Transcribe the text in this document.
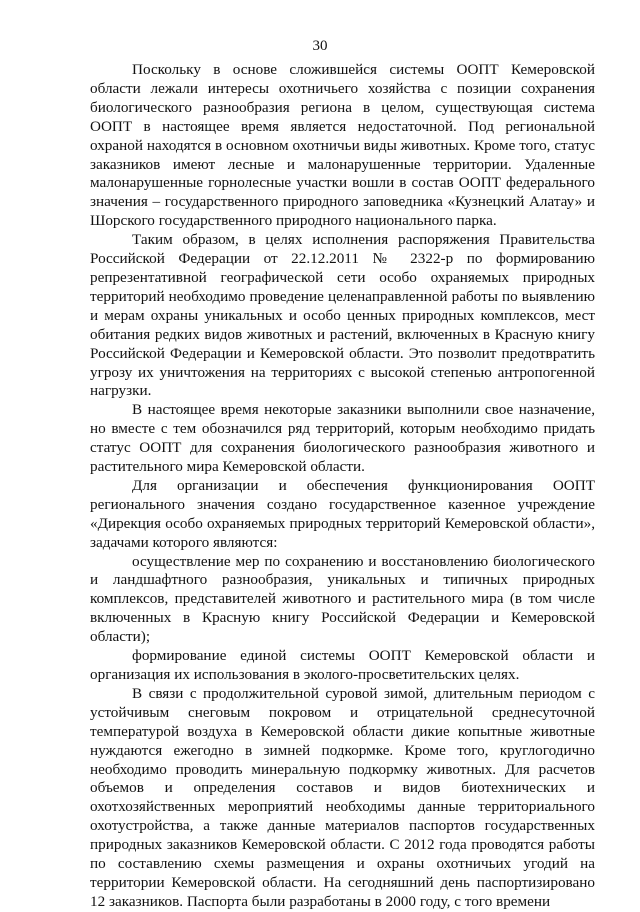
30

Поскольку в основе сложившейся системы ООПТ Кемеровской области лежали интересы охотничьего хозяйства с позиции сохранения биологического разнообразия региона в целом, существующая система ООПТ в настоящее время является недостаточной. Под региональной охраной находятся в основном охотничьи виды животных. Кроме того, статус заказников имеют лесные и малонарушенные территории. Удаленные малонарушенные горнолесные участки вошли в состав ООПТ федерального значения – государственного природного заповедника «Кузнецкий Алатау» и Шорского государственного природного национального парка.

Таким образом, в целях исполнения распоряжения Правительства Российской Федерации от 22.12.2011 № 2322-р по формированию репрезентативной географической сети особо охраняемых природных территорий необходимо проведение целенаправленной работы по выявлению и мерам охраны уникальных и особо ценных природных комплексов, мест обитания редких видов животных и растений, включенных в Красную книгу Российской Федерации и Кемеровской области. Это позволит предотвратить угрозу их уничтожения на территориях с высокой степенью антропогенной нагрузки.

В настоящее время некоторые заказники выполнили свое назначение, но вместе с тем обозначился ряд территорий, которым необходимо придать статус ООПТ для сохранения биологического разнообразия животного и растительного мира Кемеровской области.

Для организации и обеспечения функционирования ООПТ регионального значения создано государственное казенное учреждение «Дирекция особо охраняемых природных территорий Кемеровской области», задачами которого являются:

осуществление мер по сохранению и восстановлению биологического и ландшафтного разнообразия, уникальных и типичных природных комплексов, представителей животного и растительного мира (в том числе включенных в Красную книгу Российской Федерации и Кемеровской области);

формирование единой системы ООПТ Кемеровской области и организация их использования в эколого-просветительских целях.

В связи с продолжительной суровой зимой, длительным периодом с устойчивым снеговым покровом и отрицательной среднесуточной температурой воздуха в Кемеровской области дикие копытные животные нуждаются ежегодно в зимней подкормке. Кроме того, круглогодично необходимо проводить минеральную подкормку животных. Для расчетов объемов и определения составов и видов биотехнических и охотхозяйственных мероприятий необходимы данные территориального охотустройства, а также данные материалов паспортов государственных природных заказников Кемеровской области. С 2012 года проводятся работы по составлению схемы размещения и охраны охотничьих угодий на территории Кемеровской области. На сегодняшний день паспортизировано 12 заказников. Паспорта были разработаны в 2000 году, с того времени
